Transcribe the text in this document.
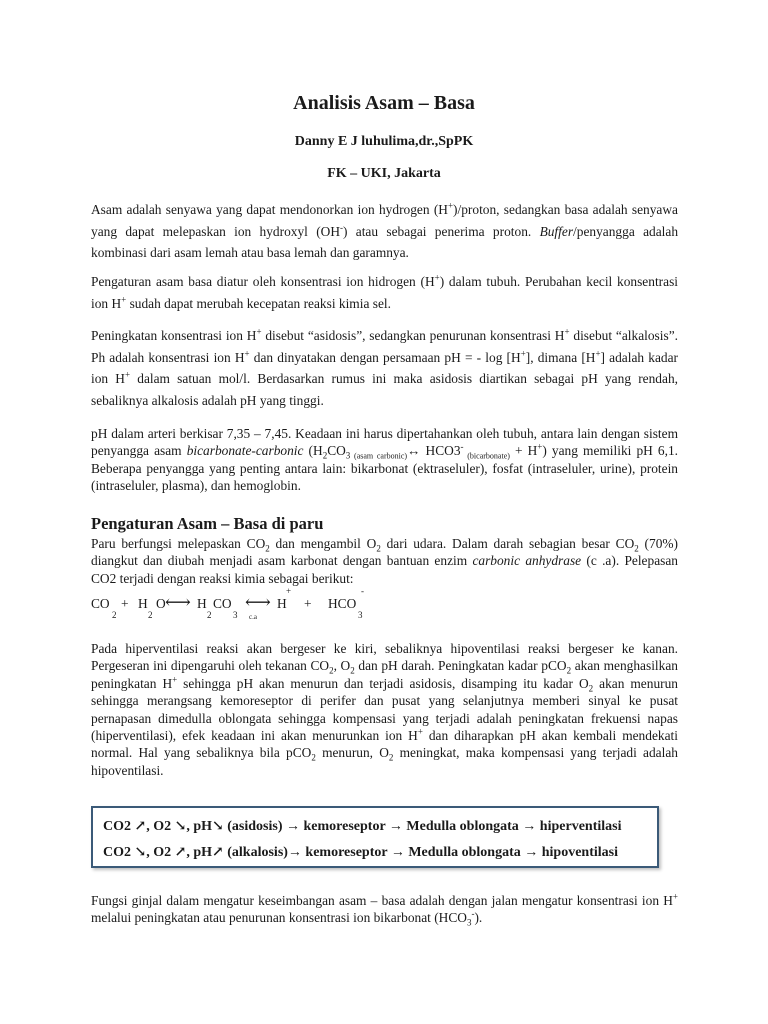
Analisis Asam – Basa
Danny E J luhulima,dr.,SpPK
FK – UKI, Jakarta
Asam adalah senyawa yang dapat mendonorkan ion hydrogen (H+)/proton, sedangkan basa adalah senyawa yang dapat melepaskan ion hydroxyl (OH-) atau sebagai penerima proton. Buffer/penyangga adalah kombinasi dari asam lemah atau basa lemah dan garamnya.
Pengaturan asam basa diatur oleh konsentrasi ion hidrogen (H+) dalam tubuh. Perubahan kecil konsentrasi ion H+ sudah dapat merubah kecepatan reaksi kimia sel.
Peningkatan konsentrasi ion H+ disebut “asidosis”, sedangkan penurunan konsentrasi H+ disebut “alkalosis”. Ph adalah konsentrasi ion H+ dan dinyatakan dengan persamaan pH = - log [H+], dimana [H+] adalah kadar ion H+ dalam satuan mol/l. Berdasarkan rumus ini maka asidosis diartikan sebagai pH yang rendah, sebaliknya alkalosis adalah pH yang tinggi.
pH dalam arteri berkisar 7,35 – 7,45. Keadaan ini harus dipertahankan oleh tubuh, antara lain dengan sistem penyangga asam bicarbonate-carbonic ($H_2CO_3$ $_{(asam carbonic)}$↔ HCO3- $_{(bicarbonate)}$ + H+) yang memiliki pH 6,1. Beberapa penyangga yang penting antara lain: bikarbonat (ektraseluler), fosfat (intraseluler, urine), protein (intraseluler, plasma), dan hemoglobin.
Pengaturan Asam – Basa di paru
Paru berfungsi melepaskan $CO_2$ dan mengambil $O_2$ dari udara. Dalam darah sebagian besar $CO_2$ (70%) diangkut dan diubah menjadi asam karbonat dengan bantuan enzim carbonic anhydrase (c .a). Pelepasan CO2 terjadi dengan reaksi kimia sebagai berikut:
CO
2
+ H
2
O ⟷ H
2
CO
3
⟷
c.a
H
+
+ HCO
3
-
Pada hiperventilasi reaksi akan bergeser ke kiri, sebaliknya hipoventilasi reaksi bergeser ke kanan. Pergeseran ini dipengaruhi oleh tekanan $CO_2$, $O_2$ dan pH darah. Peningkatan kadar pCO$_2$ akan menghasilkan peningkatan H+ sehingga pH akan menurun dan terjadi asidosis, disamping itu kadar $O_2$ akan menurun sehingga merangsang kemoreseptor di perifer dan pusat yang selanjutnya memberi sinyal ke pusat pernapasan dimedulla oblongata sehingga kompensasi yang terjadi adalah peningkatan frekuensi napas (hiperventilasi), efek keadaan ini akan menurunkan ion H+ dan diharapkan pH akan kembali mendekati normal. Hal yang sebaliknya bila pCO$_2$ menurun, $O_2$ meningkat, maka kompensasi yang terjadi adalah hipoventilasi.
CO2 ↗, O2 ↘, pH↘ (asidosis) → kemoreseptor → Medulla oblongata → hiperventilasi
CO2 ↘, O2 ↗, pH↗ (alkalosis)→ kemoreseptor → Medulla oblongata → hipoventilasi
Fungsi ginjal dalam mengatur keseimbangan asam – basa adalah dengan jalan mengatur konsentrasi ion H+ melalui peningkatan atau penurunan konsentrasi ion bikarbonat $(HCO_3^-)$.
